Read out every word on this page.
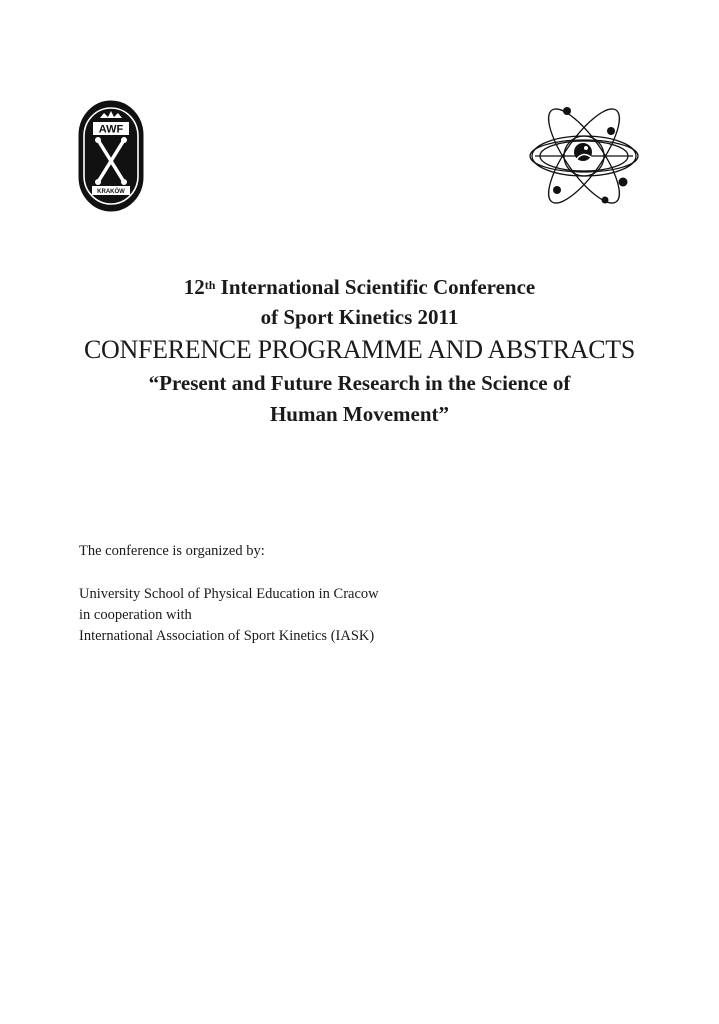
AWF
KRAKÓW

12th International Scientific Conference

of Sport Kinetics 2011

CONFERENCE PROGRAMME AND ABSTRACTS

“Present and Future Research in the Science of

Human Movement”

The conference is organized by:

University School of Physical Education in Cracow

in cooperation with

International Association of Sport Kinetics (IASK)
